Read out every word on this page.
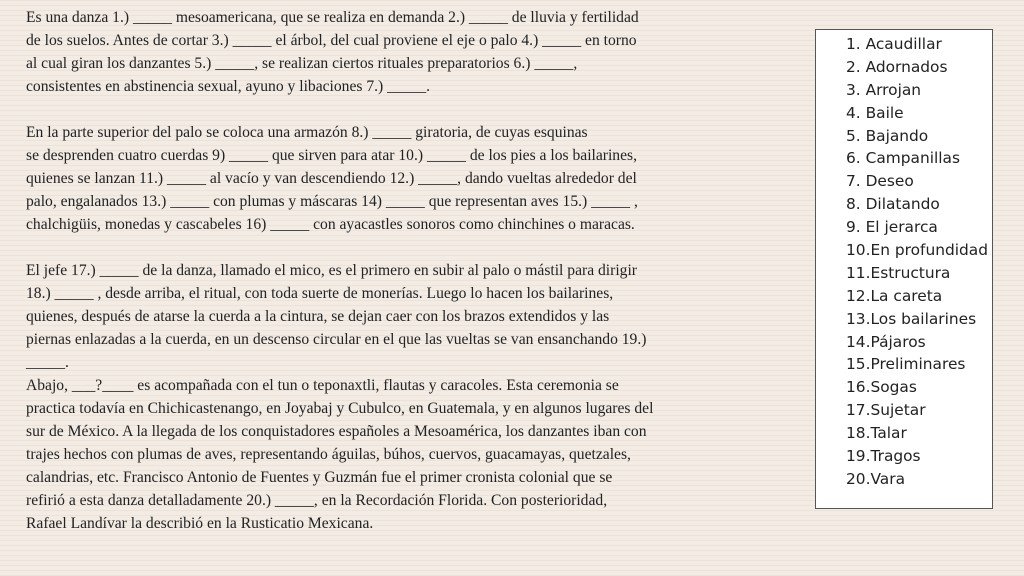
Es una danza 1.) _____ mesoamericana, que se realiza en demanda 2.) _____ de lluvia y fertilidad
de los suelos. Antes de cortar 3.) _____ el árbol, del cual proviene el eje o palo 4.) _____ en torno
al cual giran los danzantes 5.) _____, se realizan ciertos rituales preparatorios 6.) _____,
consistentes en abstinencia sexual, ayuno y libaciones 7.) _____.
En la parte superior del palo se coloca una armazón 8.) _____ giratoria, de cuyas esquinas
se desprenden cuatro cuerdas 9) _____ que sirven para atar 10.) _____ de los pies a los bailarines,
quienes se lanzan 11.) _____ al vacío y van descendiendo 12.) _____, dando vueltas alrededor del
palo, engalanados 13.) _____ con plumas y máscaras 14) _____ que representan aves 15.) _____ ,
chalchigüis, monedas y cascabeles 16) _____ con ayacastles sonoros como chinchines o maracas.
El jefe 17.) _____ de la danza, llamado el mico, es el primero en subir al palo o mástil para dirigir
18.) _____ , desde arriba, el ritual, con toda suerte de monerías. Luego lo hacen los bailarines,
quienes, después de atarse la cuerda a la cintura, se dejan caer con los brazos extendidos y las
piernas enlazadas a la cuerda, en un descenso circular en el que las vueltas se van ensanchando 19.)
_____.
Abajo, ___?____ es acompañada con el tun o teponaxtli, flautas y caracoles. Esta ceremonia se
practica todavía en Chichicastenango, en Joyabaj y Cubulco, en Guatemala, y en algunos lugares del
sur de México. A la llegada de los conquistadores españoles a Mesoamérica, los danzantes iban con
trajes hechos con plumas de aves, representando águilas, búhos, cuervos, guacamayas, quetzales,
calandrias, etc. Francisco Antonio de Fuentes y Guzmán fue el primer cronista colonial que se
refirió a esta danza detalladamente 20.) _____, en la Recordación Florida. Con posterioridad,
Rafael Landívar la describió en la Rusticatio Mexicana.
1. Acaudillar
2. Adornados
3. Arrojan
4. Baile
5. Bajando
6. Campanillas
7. Deseo
8. Dilatando
9. El jerarca
10.En profundidad
11.Estructura
12.La careta
13.Los bailarines
14.Pájaros
15.Preliminares
16.Sogas
17.Sujetar
18.Talar
19.Tragos
20.Vara
